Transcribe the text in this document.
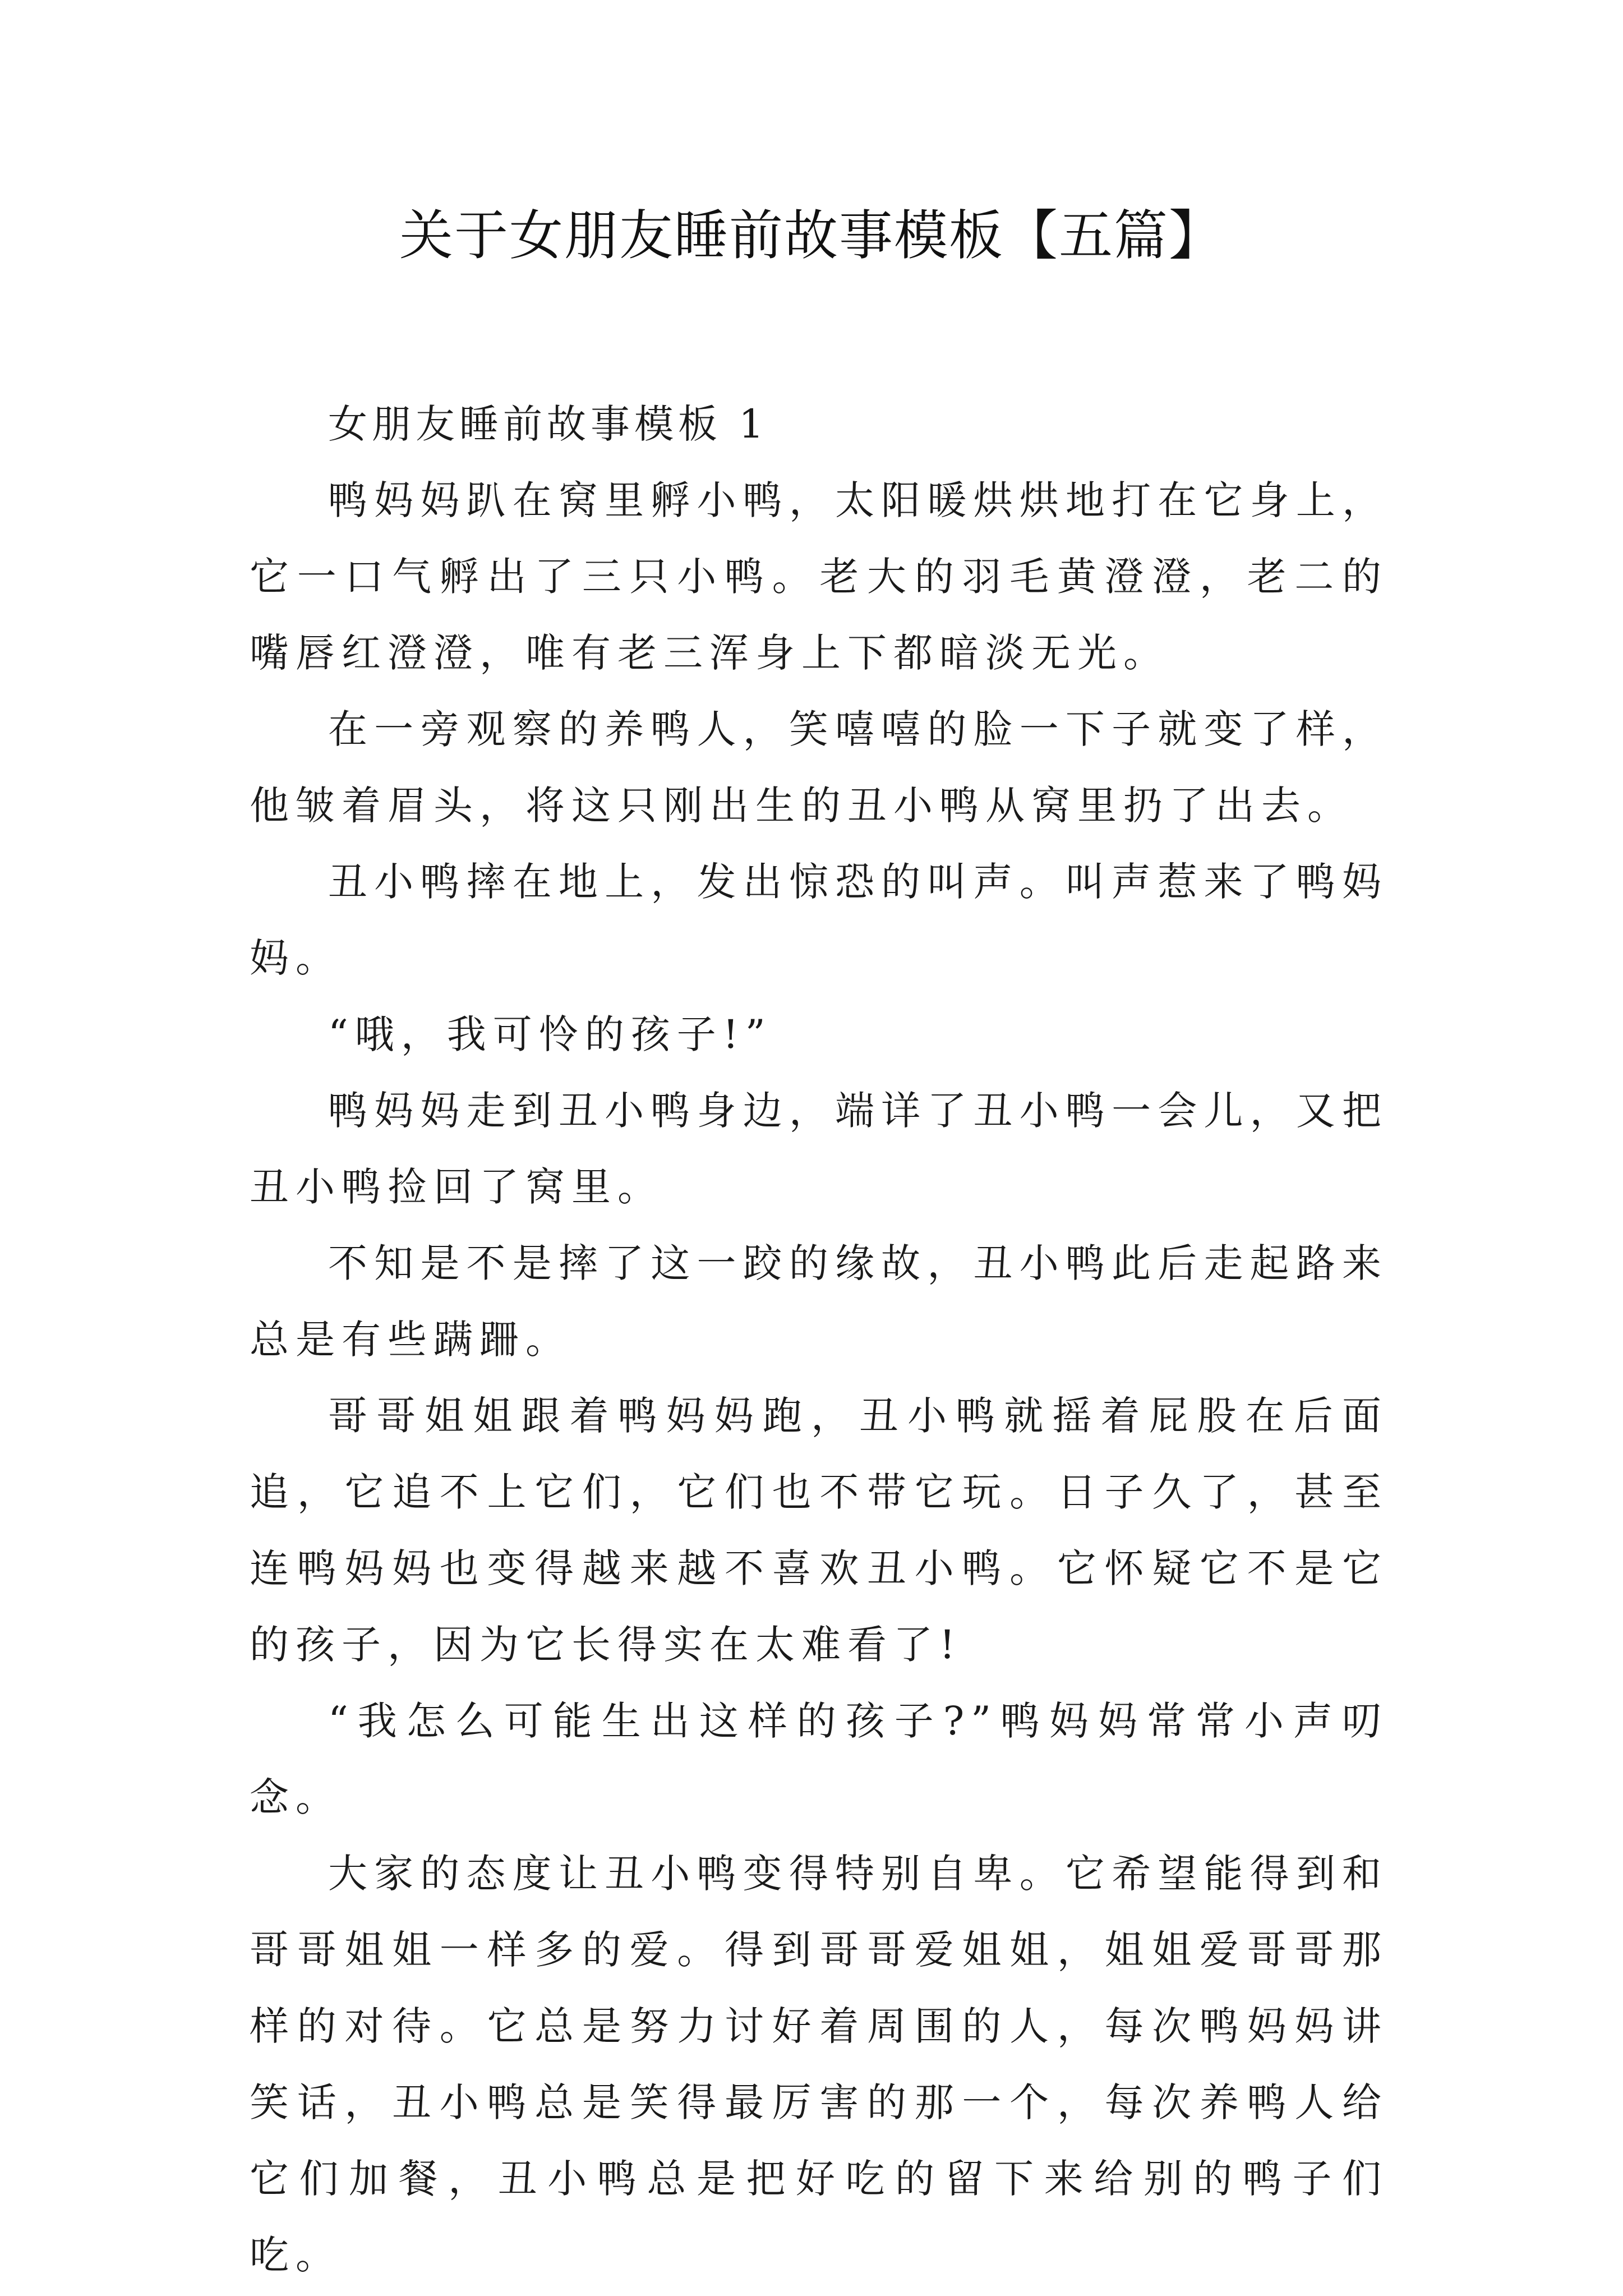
关于女朋友睡前故事模板【五篇】

女朋友睡前故事模板 1

鸭妈妈趴在窝里孵小鸭，太阳暖烘烘地打在它身上，它一口气孵出了三只小鸭。老大的羽毛黄澄澄，老二的嘴唇红澄澄，唯有老三浑身上下都暗淡无光。

在一旁观察的养鸭人，笑嘻嘻的脸一下子就变了样，他皱着眉头，将这只刚出生的丑小鸭从窝里扔了出去。

丑小鸭摔在地上，发出惊恐的叫声。叫声惹来了鸭妈妈。

“哦，我可怜的孩子!”

鸭妈妈走到丑小鸭身边，端详了丑小鸭一会儿，又把丑小鸭捡回了窝里。

不知是不是摔了这一跤的缘故，丑小鸭此后走起路来总是有些蹒跚。

哥哥姐姐跟着鸭妈妈跑，丑小鸭就摇着屁股在后面追，它追不上它们，它们也不带它玩。日子久了，甚至连鸭妈妈也变得越来越不喜欢丑小鸭。它怀疑它不是它的孩子，因为它长得实在太难看了!

“我怎么可能生出这样的孩子?”鸭妈妈常常小声叨念。

大家的态度让丑小鸭变得特别自卑。它希望能得到和哥哥姐姐一样多的爱。得到哥哥爱姐姐，姐姐爱哥哥那样的对待。它总是努力讨好着周围的人，每次鸭妈妈讲笑话，丑小鸭总是笑得最厉害的那一个，每次养鸭人给它们加餐，丑小鸭总是把好吃的留下来给别的鸭子们吃。
